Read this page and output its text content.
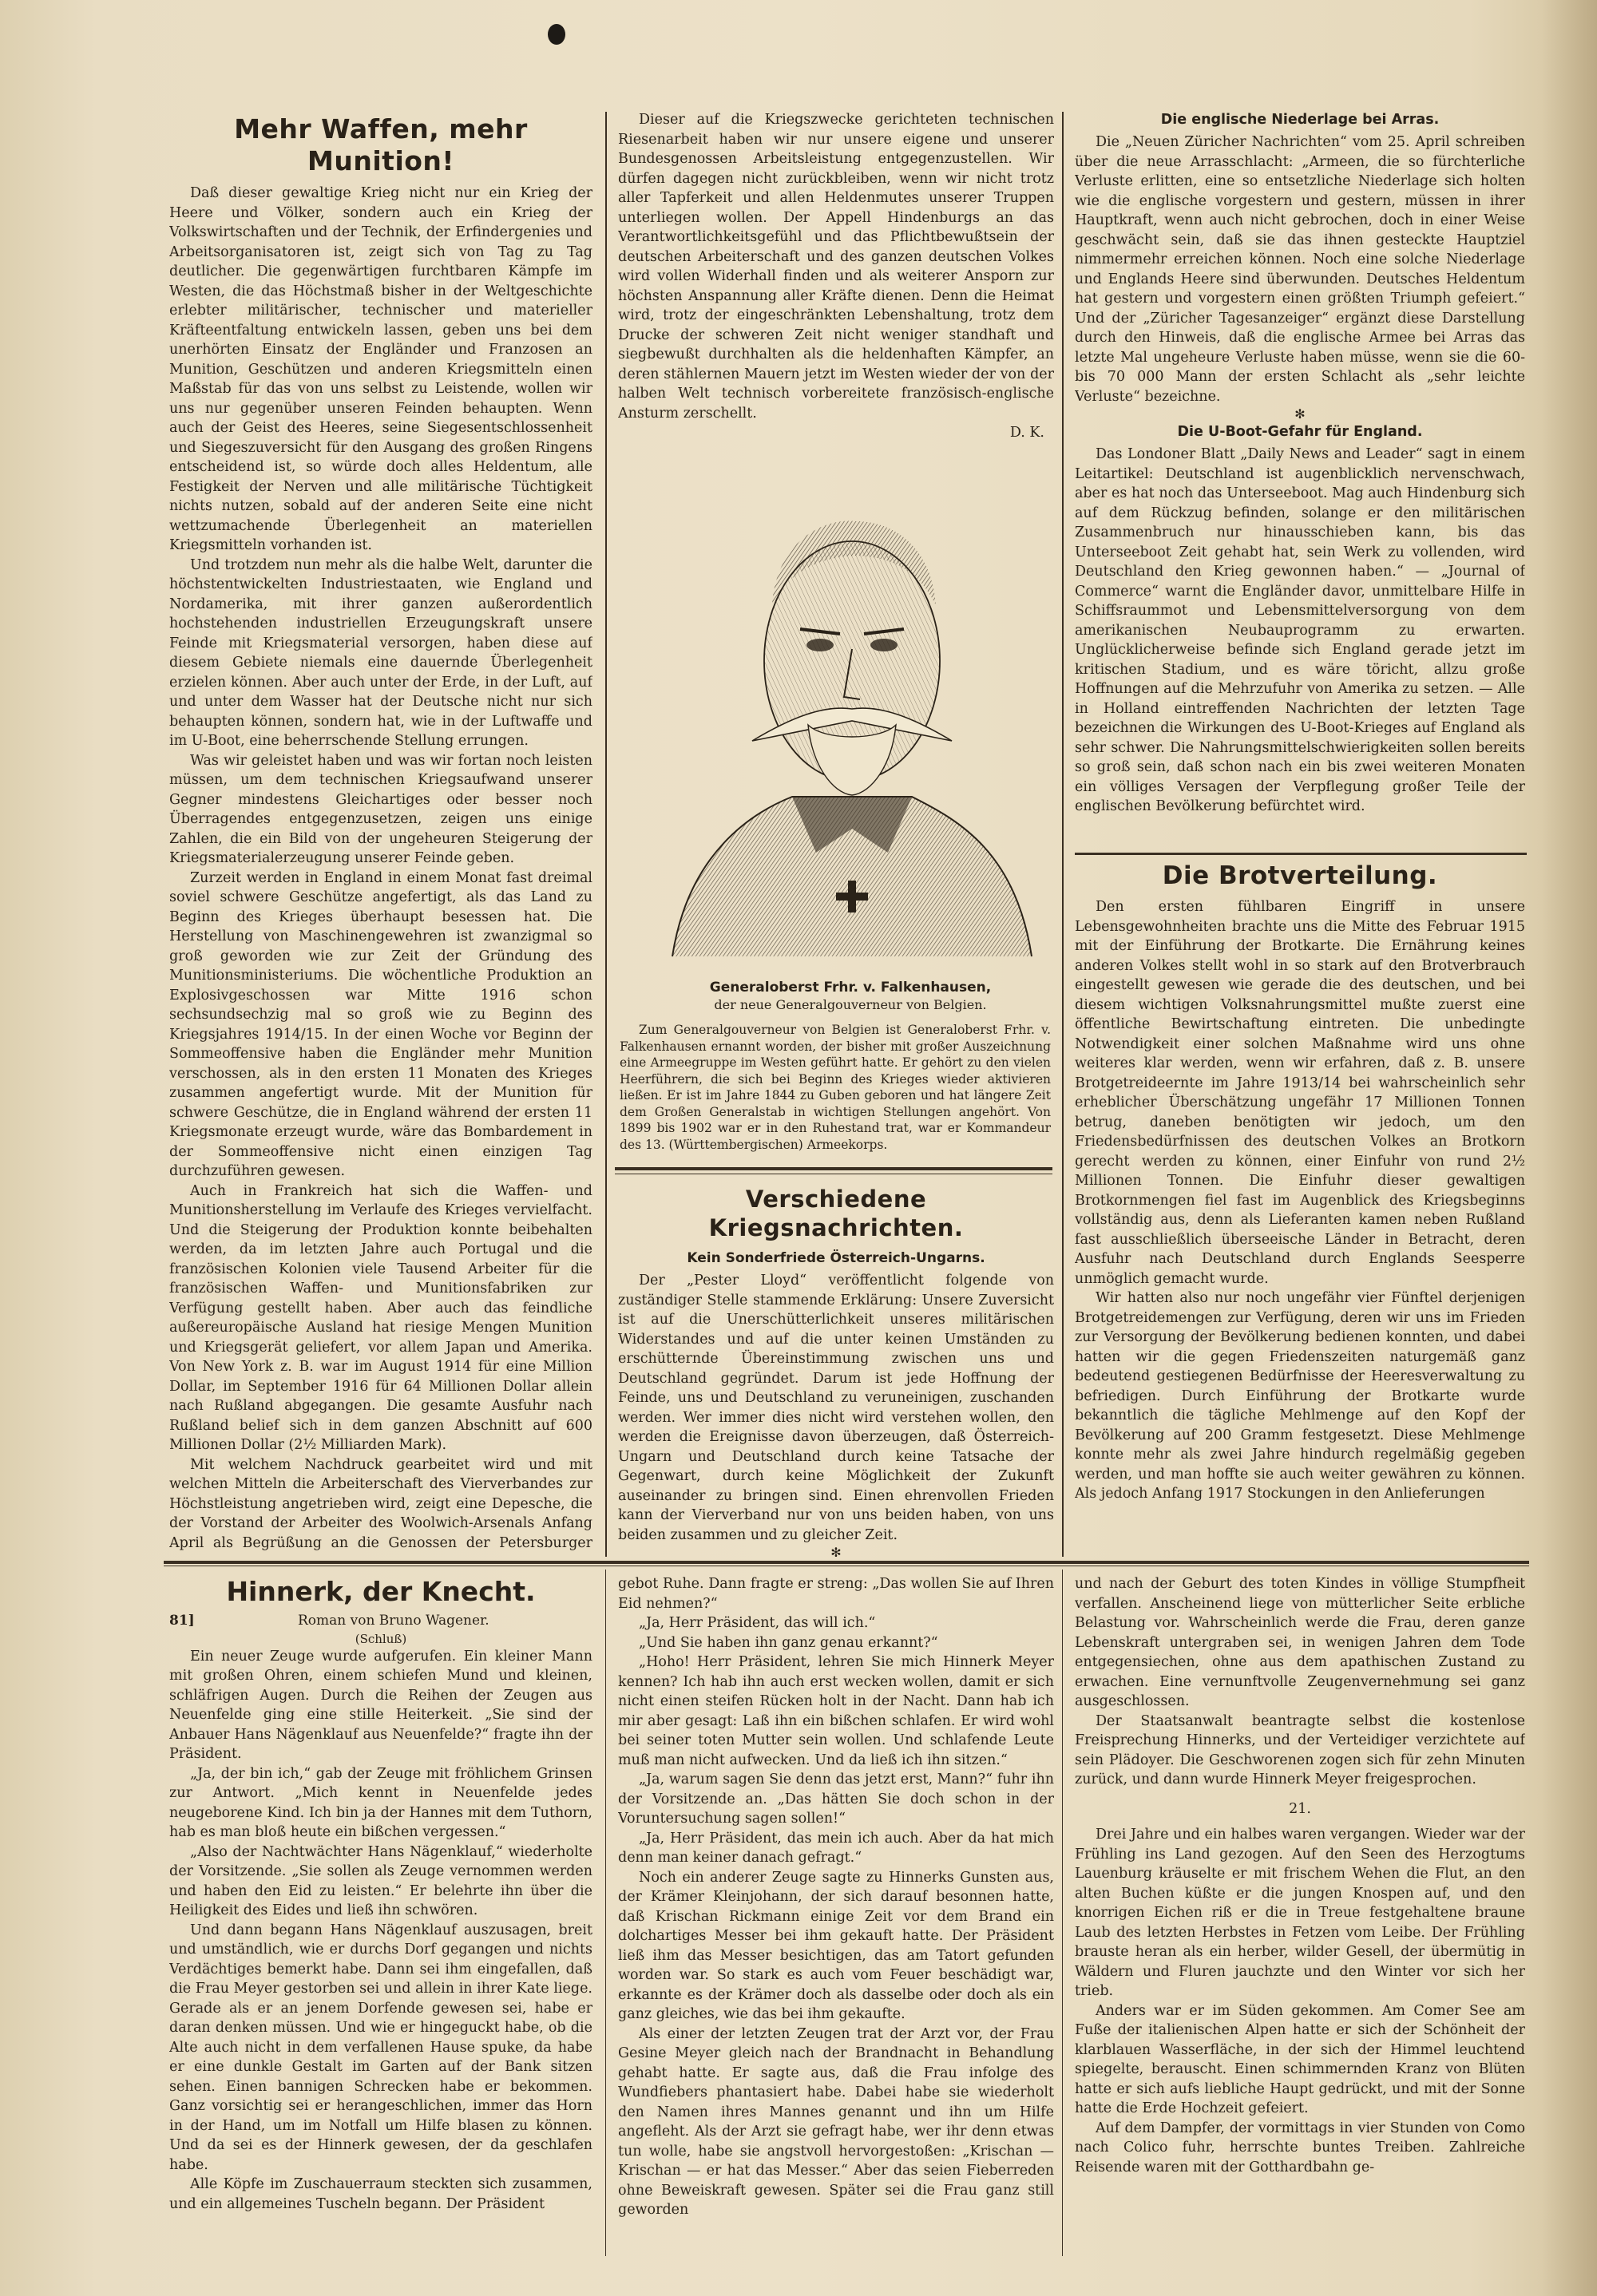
Mehr Waffen, mehr Munition!

Daß dieser gewaltige Krieg nicht nur ein Krieg der Heere und Völker, sondern auch ein Krieg der Volkswirtschaften und der Technik, der Erfindergenies und Arbeitsorganisatoren ist, zeigt sich von Tag zu Tag deutlicher. Die gegenwärtigen furchtbaren Kämpfe im Westen, die das Höchstmaß bisher in der Weltgeschichte erlebter militärischer, technischer und materieller Kräfteentfaltung entwickeln lassen, geben uns bei dem unerhörten Einsatz der Engländer und Franzosen an Munition, Geschützen und anderen Kriegsmitteln einen Maßstab für das von uns selbst zu Leistende, wollen wir uns nur gegenüber unseren Feinden behaupten. Wenn auch der Geist des Heeres, seine Siegesentschlossenheit und Siegeszuversicht für den Ausgang des großen Ringens entscheidend ist, so würde doch alles Heldentum, alle Festigkeit der Nerven und alle militärische Tüchtigkeit nichts nutzen, sobald auf der anderen Seite eine nicht wettzumachende Überlegenheit an materiellen Kriegsmitteln vorhanden ist.

Und trotzdem nun mehr als die halbe Welt, darunter die höchstentwickelten Industriestaaten, wie England und Nordamerika, mit ihrer ganzen außerordentlich hochstehenden industriellen Erzeugungskraft unsere Feinde mit Kriegsmaterial versorgen, haben diese auf diesem Gebiete niemals eine dauernde Überlegenheit erzielen können. Aber auch unter der Erde, in der Luft, auf und unter dem Wasser hat der Deutsche nicht nur sich behaupten können, sondern hat, wie in der Luftwaffe und im U-Boot, eine beherrschende Stellung errungen.

Was wir geleistet haben und was wir fortan noch leisten müssen, um dem technischen Kriegsaufwand unserer Gegner mindestens Gleichartiges oder besser noch Überragendes entgegenzusetzen, zeigen uns einige Zahlen, die ein Bild von der ungeheuren Steigerung der Kriegsmaterialerzeugung unserer Feinde geben.

Zurzeit werden in England in einem Monat fast dreimal soviel schwere Geschütze angefertigt, als das Land zu Beginn des Krieges überhaupt besessen hat. Die Herstellung von Maschinengewehren ist zwanzigmal so groß geworden wie zur Zeit der Gründung des Munitionsministeriums. Die wöchentliche Produktion an Explosivgeschossen war Mitte 1916 schon sechsundsechzig mal so groß wie zu Beginn des Kriegsjahres 1914/15. In der einen Woche vor Beginn der Sommeoffensive haben die Engländer mehr Munition verschossen, als in den ersten 11 Monaten des Krieges zusammen angefertigt wurde. Mit der Munition für schwere Geschütze, die in England während der ersten 11 Kriegsmonate erzeugt wurde, wäre das Bombardement in der Sommeoffensive nicht einen einzigen Tag durchzuführen gewesen.

Auch in Frankreich hat sich die Waffen- und Munitionsherstellung im Verlaufe des Krieges vervielfacht. Und die Steigerung der Produktion konnte beibehalten werden, da im letzten Jahre auch Portugal und die französischen Kolonien viele Tausend Arbeiter für die französischen Waffen- und Munitionsfabriken zur Verfügung gestellt haben. Aber auch das feindliche außereuropäische Ausland hat riesige Mengen Munition und Kriegsgerät geliefert, vor allem Japan und Amerika. Von New York z. B. war im August 1914 für eine Million Dollar, im September 1916 für 64 Millionen Dollar allein nach Rußland abgegangen. Die gesamte Ausfuhr nach Rußland belief sich in dem ganzen Abschnitt auf 600 Millionen Dollar (2½ Milliarden Mark).

Mit welchem Nachdruck gearbeitet wird und mit welchen Mitteln die Arbeiterschaft des Vierverbandes zur Höchstleistung angetrieben wird, zeigt eine Depesche, die der Vorstand der Arbeiter des Woolwich-Arsenals Anfang April als Begrüßung an die Genossen der Petersburger

Dieser auf die Kriegszwecke gerichteten technischen Riesenarbeit haben wir nur unsere eigene und unserer Bundesgenossen Arbeitsleistung entgegenzustellen. Wir dürfen dagegen nicht zurückbleiben, wenn wir nicht trotz aller Tapferkeit und allen Heldenmutes unserer Truppen unterliegen wollen. Der Appell Hindenburgs an das Verantwortlichkeitsgefühl und das Pflichtbewußtsein der deutschen Arbeiterschaft und des ganzen deutschen Volkes wird vollen Widerhall finden und als weiterer Ansporn zur höchsten Anspannung aller Kräfte dienen. Denn die Heimat wird, trotz der eingeschränkten Lebenshaltung, trotz dem Drucke der schweren Zeit nicht weniger standhaft und siegbewußt durchhalten als die heldenhaften Kämpfer, an deren stählernen Mauern jetzt im Westen wieder der von der halben Welt technisch vorbereitete französisch-englische Ansturm zerschellt.

D. K.
Generaloberst Frhr. v. Falkenhausen,
der neue Generalgouverneur von Belgien.

Zum Generalgouverneur von Belgien ist Generaloberst Frhr. v. Falkenhausen ernannt worden, der bisher mit großer Auszeichnung eine Armeegruppe im Westen geführt hatte. Er gehört zu den vielen Heerführern, die sich bei Beginn des Krieges wieder aktivieren ließen. Er ist im Jahre 1844 zu Guben geboren und hat längere Zeit dem Großen Generalstab in wichtigen Stellungen angehört. Von 1899 bis 1902 war er in den Ruhestand trat, war er Kommandeur des 13. (Württembergischen) Armeekorps.

Verschiedene Kriegsnachrichten.
Kein Sonderfriede Österreich-Ungarns.

Der „Pester Lloyd“ veröffentlicht folgende von zuständiger Stelle stammende Erklärung: Unsere Zuversicht ist auf die Unerschütterlichkeit unseres militärischen Widerstandes und auf die unter keinen Umständen zu erschütternde Übereinstimmung zwischen uns und Deutschland gegründet. Darum ist jede Hoffnung der Feinde, uns und Deutschland zu veruneinigen, zuschanden werden. Wer immer dies nicht wird verstehen wollen, den werden die Ereignisse davon überzeugen, daß Österreich-Ungarn und Deutschland durch keine Tatsache der Gegenwart, durch keine Möglichkeit der Zukunft auseinander zu bringen sind. Einen ehrenvollen Frieden kann der Vierverband nur von uns beiden haben, von uns beiden zusammen und zu gleicher Zeit.

✻
Die englische Niederlage bei Arras.

Die „Neuen Züricher Nachrichten“ vom 25. April schreiben über die neue Arrasschlacht: „Armeen, die so fürchterliche Verluste erlitten, eine so entsetzliche Niederlage sich holten wie die englische vorgestern und gestern, müssen in ihrer Hauptkraft, wenn auch nicht gebrochen, doch in einer Weise geschwächt sein, daß sie das ihnen gesteckte Hauptziel nimmermehr erreichen können. Noch eine solche Niederlage und Englands Heere sind überwunden. Deutsches Heldentum hat gestern und vorgestern einen größten Triumph gefeiert.“ Und der „Züricher Tagesanzeiger“ ergänzt diese Darstellung durch den Hinweis, daß die englische Armee bei Arras das letzte Mal ungeheure Verluste haben müsse, wenn sie die 60- bis 70 000 Mann der ersten Schlacht als „sehr leichte Verluste“ bezeichne.

✻
Die U-Boot-Gefahr für England.

Das Londoner Blatt „Daily News and Leader“ sagt in einem Leitartikel: Deutschland ist augenblicklich nervenschwach, aber es hat noch das Unterseeboot. Mag auch Hindenburg sich auf dem Rückzug befinden, solange er den militärischen Zusammenbruch nur hinausschieben kann, bis das Unterseeboot Zeit gehabt hat, sein Werk zu vollenden, wird Deutschland den Krieg gewonnen haben.“ — „Journal of Commerce“ warnt die Engländer davor, unmittelbare Hilfe in Schiffsraummot und Lebensmittelversorgung von dem amerikanischen Neubauprogramm zu erwarten. Unglücklicherweise befinde sich England gerade jetzt im kritischen Stadium, und es wäre töricht, allzu große Hoffnungen auf die Mehrzufuhr von Amerika zu setzen. — Alle in Holland eintreffenden Nachrichten der letzten Tage bezeichnen die Wirkungen des U-Boot-Krieges auf England als sehr schwer. Die Nahrungsmittelschwierigkeiten sollen bereits so groß sein, daß schon nach ein bis zwei weiteren Monaten ein völliges Versagen der Verpflegung großer Teile der englischen Bevölkerung befürchtet wird.

Die Brotverteilung.

Den ersten fühlbaren Eingriff in unsere Lebensgewohnheiten brachte uns die Mitte des Februar 1915 mit der Einführung der Brotkarte. Die Ernährung keines anderen Volkes stellt wohl in so stark auf den Brotverbrauch eingestellt gewesen wie gerade die des deutschen, und bei diesem wichtigen Volksnahrungsmittel mußte zuerst eine öffentliche Bewirtschaftung eintreten. Die unbedingte Notwendigkeit einer solchen Maßnahme wird uns ohne weiteres klar werden, wenn wir erfahren, daß z. B. unsere Brotgetreideernte im Jahre 1913/14 bei wahrscheinlich sehr erheblicher Überschätzung ungefähr 17 Millionen Tonnen betrug, daneben benötigten wir jedoch, um den Friedensbedürfnissen des deutschen Volkes an Brotkorn gerecht werden zu können, einer Einfuhr von rund 2½ Millionen Tonnen. Die Einfuhr dieser gewaltigen Brotkornmengen fiel fast im Augenblick des Kriegsbeginns vollständig aus, denn als Lieferanten kamen neben Rußland fast ausschließlich überseeische Länder in Betracht, deren Ausfuhr nach Deutschland durch Englands Seesperre unmöglich gemacht wurde.

Wir hatten also nur noch ungefähr vier Fünftel derjenigen Brotgetreidemengen zur Verfügung, deren wir uns im Frieden zur Versorgung der Bevölkerung bedienen konnten, und dabei hatten wir die gegen Friedenszeiten naturgemäß ganz bedeutend gestiegenen Bedürfnisse der Heeresverwaltung zu befriedigen. Durch Einführung der Brotkarte wurde bekanntlich die tägliche Mehlmenge auf den Kopf der Bevölkerung auf 200 Gramm festgesetzt. Diese Mehlmenge konnte mehr als zwei Jahre hindurch regelmäßig gegeben werden, und man hoffte sie auch weiter gewähren zu können. Als jedoch Anfang 1917 Stockungen in den Anlieferungen

Hinnerk, der Knecht.
81]	Roman von Bruno Wagener.
(Schluß)

Ein neuer Zeuge wurde aufgerufen. Ein kleiner Mann mit großen Ohren, einem schiefen Mund und kleinen, schläfrigen Augen. Durch die Reihen der Zeugen aus Neuenfelde ging eine stille Heiterkeit. „Sie sind der Anbauer Hans Nägenklauf aus Neuenfelde?“ fragte ihn der Präsident.

„Ja, der bin ich,“ gab der Zeuge mit fröhlichem Grinsen zur Antwort. „Mich kennt in Neuenfelde jedes neugeborene Kind. Ich bin ja der Hannes mit dem Tuthorn, hab es man bloß heute ein bißchen vergessen.“

„Also der Nachtwächter Hans Nägenklauf,“ wiederholte der Vorsitzende. „Sie sollen als Zeuge vernommen werden und haben den Eid zu leisten.“ Er belehrte ihn über die Heiligkeit des Eides und ließ ihn schwören.

Und dann begann Hans Nägenklauf auszusagen, breit und umständlich, wie er durchs Dorf gegangen und nichts Verdächtiges bemerkt habe. Dann sei ihm eingefallen, daß die Frau Meyer gestorben sei und allein in ihrer Kate liege. Gerade als er an jenem Dorfende gewesen sei, habe er daran denken müssen. Und wie er hingeguckt habe, ob die Alte auch nicht in dem verfallenen Hause spuke, da habe er eine dunkle Gestalt im Garten auf der Bank sitzen sehen. Einen bannigen Schrecken habe er bekommen. Ganz vorsichtig sei er herangeschlichen, immer das Horn in der Hand, um im Notfall um Hilfe blasen zu können. Und da sei es der Hinnerk gewesen, der da geschlafen habe.

Alle Köpfe im Zuschauerraum steckten sich zusammen, und ein allgemeines Tuscheln begann. Der Präsident

gebot Ruhe. Dann fragte er streng: „Das wollen Sie auf Ihren Eid nehmen?“

„Ja, Herr Präsident, das will ich.“

„Und Sie haben ihn ganz genau erkannt?“

„Hoho! Herr Präsident, lehren Sie mich Hinnerk Meyer kennen? Ich hab ihn auch erst wecken wollen, damit er sich nicht einen steifen Rücken holt in der Nacht. Dann hab ich mir aber gesagt: Laß ihn ein bißchen schlafen. Er wird wohl bei seiner toten Mutter sein wollen. Und schlafende Leute muß man nicht aufwecken. Und da ließ ich ihn sitzen.“

„Ja, warum sagen Sie denn das jetzt erst, Mann?“ fuhr ihn der Vorsitzende an. „Das hätten Sie doch schon in der Voruntersuchung sagen sollen!“

„Ja, Herr Präsident, das mein ich auch. Aber da hat mich denn man keiner danach gefragt.“

Noch ein anderer Zeuge sagte zu Hinnerks Gunsten aus, der Krämer Kleinjohann, der sich darauf besonnen hatte, daß Krischan Rickmann einige Zeit vor dem Brand ein dolchartiges Messer bei ihm gekauft hatte. Der Präsident ließ ihm das Messer besichtigen, das am Tatort gefunden worden war. So stark es auch vom Feuer beschädigt war, erkannte es der Krämer doch als dasselbe oder doch als ein ganz gleiches, wie das bei ihm gekaufte.

Als einer der letzten Zeugen trat der Arzt vor, der Frau Gesine Meyer gleich nach der Brandnacht in Behandlung gehabt hatte. Er sagte aus, daß die Frau infolge des Wundfiebers phantasiert habe. Dabei habe sie wiederholt den Namen ihres Mannes genannt und ihn um Hilfe angefleht. Als der Arzt sie gefragt habe, wer ihr denn etwas tun wolle, habe sie angstvoll hervorgestoßen: „Krischan — Krischan — er hat das Messer.“ Aber das seien Fieberreden ohne Beweiskraft gewesen. Später sei die Frau ganz still geworden

und nach der Geburt des toten Kindes in völlige Stumpfheit verfallen. Anscheinend liege von mütterlicher Seite erbliche Belastung vor. Wahrscheinlich werde die Frau, deren ganze Lebenskraft untergraben sei, in wenigen Jahren dem Tode entgegensiechen, ohne aus dem apathischen Zustand zu erwachen. Eine vernunftvolle Zeugenvernehmung sei ganz ausgeschlossen.

Der Staatsanwalt beantragte selbst die kostenlose Freisprechung Hinnerks, und der Verteidiger verzichtete auf sein Plädoyer. Die Geschworenen zogen sich für zehn Minuten zurück, und dann wurde Hinnerk Meyer freigesprochen.

21.

Drei Jahre und ein halbes waren vergangen. Wieder war der Frühling ins Land gezogen. Auf den Seen des Herzogtums Lauenburg kräuselte er mit frischem Wehen die Flut, an den alten Buchen küßte er die jungen Knospen auf, und den knorrigen Eichen riß er die in Treue festgehaltene braune Laub des letzten Herbstes in Fetzen vom Leibe. Der Frühling brauste heran als ein herber, wilder Gesell, der übermütig in Wäldern und Fluren jauchzte und den Winter vor sich her trieb.

Anders war er im Süden gekommen. Am Comer See am Fuße der italienischen Alpen hatte er sich der Schönheit der klarblauen Wasserfläche, in der sich der Himmel leuchtend spiegelte, berauscht. Einen schimmernden Kranz von Blüten hatte er sich aufs liebliche Haupt gedrückt, und mit der Sonne hatte die Erde Hochzeit gefeiert.

Auf dem Dampfer, der vormittags in vier Stunden von Como nach Colico fuhr, herrschte buntes Treiben. Zahlreiche Reisende waren mit der Gotthardbahn ge-
